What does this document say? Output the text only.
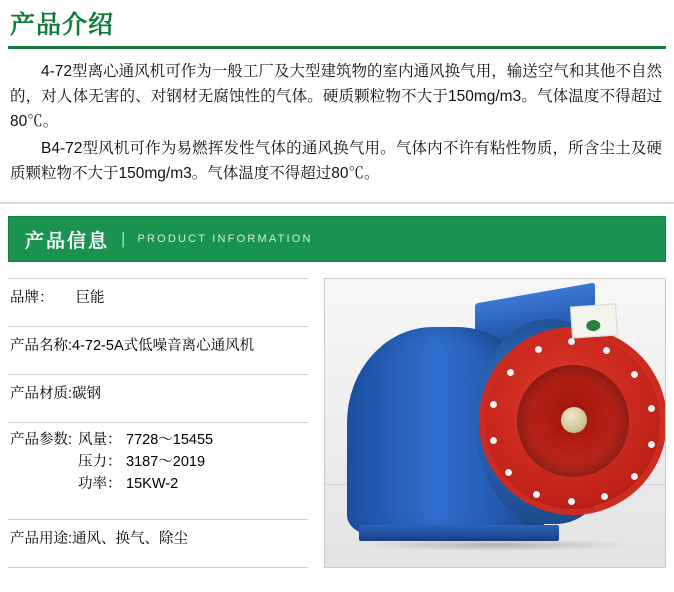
产品介绍

4-72型离心通风机可作为一般工厂及大型建筑物的室内通风换气用，输送空气和其他不自然的，对人体无害的、对钢材无腐蚀性的气体。硬质颗粒物不大于150mg/m3。气体温度不得超过80℃。

B4-72型风机可作为易燃挥发性气体的通风换气用。气体内不许有粘性物质，所含尘土及硬质颗粒物不大于150mg/m3。气体温度不得超过80℃。

产品信息 | PRODUCT INFORMATION
品牌： 巨能
产品名称:4-72-5A式低噪音离心通风机
产品材质:碳钢

产品参数: 风量： 7728～15455
压力： 3187～2019
功率： 15KW-2

产品用途:通风、换气、除尘
